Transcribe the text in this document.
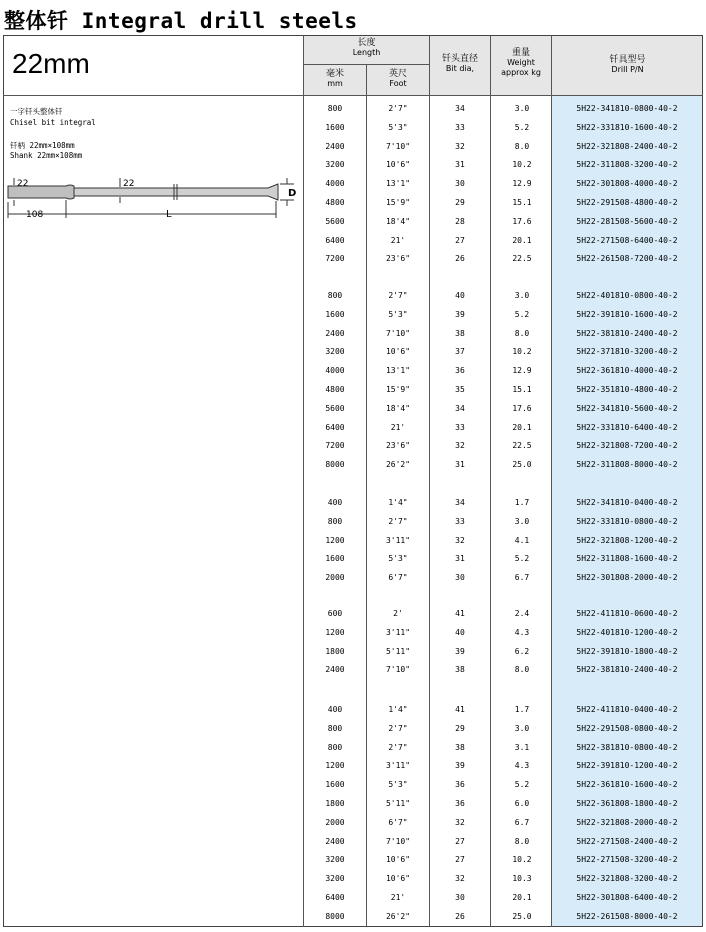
整体钎 Integral drill steels
22mm
长度
Length
毫米
mm
英尺
Foot
钎头直径
Bit dia,
重量
Weight
approx kg
钎具型号
Drill P/N
一字钎头整体钎
Chisel bit integral
钎柄 22mm×108mm
Shank 22mm×108mm
22	22
108	L
D
800	2'7"	34	3.0	5H22-341810-0800-40-2
1600	5'3"	33	5.2	5H22-331810-1600-40-2
2400	7'10"	32	8.0	5H22-321808-2400-40-2
3200	10'6"	31	10.2	5H22-311808-3200-40-2
4000	13'1"	30	12.9	5H22-301808-4000-40-2
4800	15'9"	29	15.1	5H22-291508-4800-40-2
5600	18'4"	28	17.6	5H22-281508-5600-40-2
6400	21'	27	20.1	5H22-271508-6400-40-2
7200	23'6"	26	22.5	5H22-261508-7200-40-2
800	2'7"	40	3.0	5H22-401810-0800-40-2
1600	5'3"	39	5.2	5H22-391810-1600-40-2
2400	7'10"	38	8.0	5H22-381810-2400-40-2
3200	10'6"	37	10.2	5H22-371810-3200-40-2
4000	13'1"	36	12.9	5H22-361810-4000-40-2
4800	15'9"	35	15.1	5H22-351810-4800-40-2
5600	18'4"	34	17.6	5H22-341810-5600-40-2
6400	21'	33	20.1	5H22-331810-6400-40-2
7200	23'6"	32	22.5	5H22-321808-7200-40-2
8000	26'2"	31	25.0	5H22-311808-8000-40-2
400	1'4"	34	1.7	5H22-341810-0400-40-2
800	2'7"	33	3.0	5H22-331810-0800-40-2
1200	3'11"	32	4.1	5H22-321808-1200-40-2
1600	5'3"	31	5.2	5H22-311808-1600-40-2
2000	6'7"	30	6.7	5H22-301808-2000-40-2
600	2'	41	2.4	5H22-411810-0600-40-2
1200	3'11"	40	4.3	5H22-401810-1200-40-2
1800	5'11"	39	6.2	5H22-391810-1800-40-2
2400	7'10"	38	8.0	5H22-381810-2400-40-2
400	1'4"	41	1.7	5H22-411810-0400-40-2
800	2'7"	29	3.0	5H22-291508-0800-40-2
800	2'7"	38	3.1	5H22-381810-0800-40-2
1200	3'11"	39	4.3	5H22-391810-1200-40-2
1600	5'3"	36	5.2	5H22-361810-1600-40-2
1800	5'11"	36	6.0	5H22-361808-1800-40-2
2000	6'7"	32	6.7	5H22-321808-2000-40-2
2400	7'10"	27	8.0	5H22-271508-2400-40-2
3200	10'6"	27	10.2	5H22-271508-3200-40-2
3200	10'6"	32	10.3	5H22-321808-3200-40-2
6400	21'	30	20.1	5H22-301808-6400-40-2
8000	26'2"	26	25.0	5H22-261508-8000-40-2
